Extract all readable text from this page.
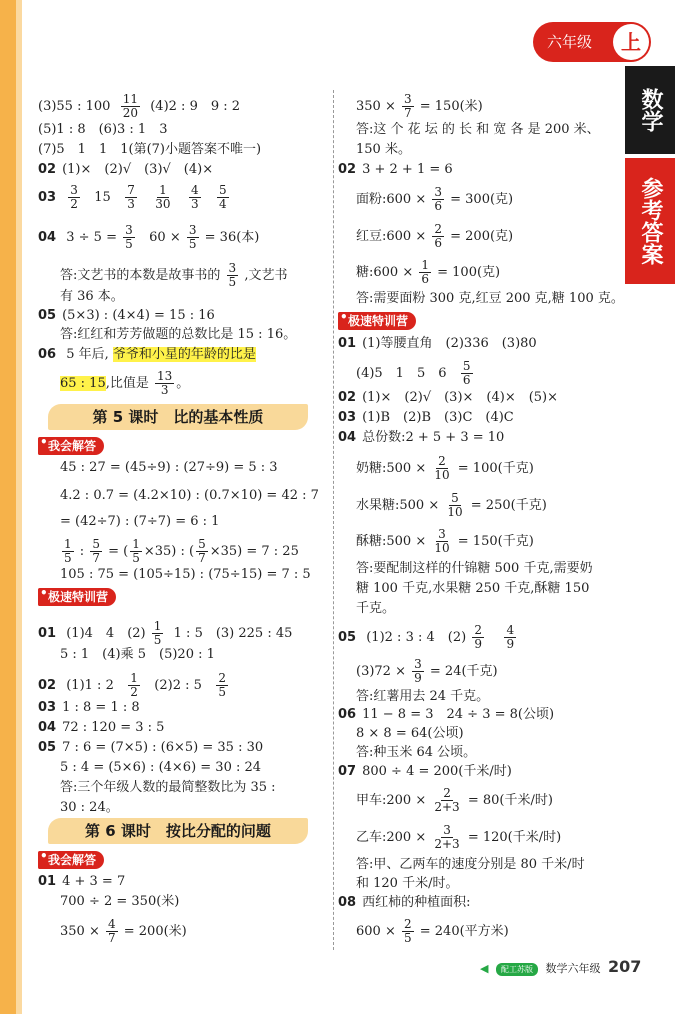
六年级	上
数学
参考答案
(3)55 : $100 \frac{11}{20} (4)2$ : 9　9 : 2
(5)1 : 8　(6)3 : 1　3
(7)5　1　1　1(第(7)小题答案不唯一)
02 (1)×　(2)√　(3)√　(4)×
$03 \frac{3}{2} 15 \frac{7}{3}$
$\frac{1}{30}$
$\frac{4}{3}$
$\frac{5}{4}$
04 $3 \div 5 = \frac{3}{5} 60 \times \frac{3}{5} = 36$(本)
答:文艺书的本数是故事书的 $\frac{3}{5}$ ,文艺书
有 36 本。
05 (5×3) : (4×4) = 15 : 16
答:红红和芳芳做题的总数比是 15 : 16。
06 5 年后, 爷爷和小星的年龄的比是
65 : 15,比值是 $\frac{13}{3}$ 。
第 5 课时　比的基本性质
• 我会解答
45 : 27 = (45÷9) : (27÷9) = 5 : 3
4.2 : 0.7 = (4.2×10) : (0.7×10) = 42 : 7
= (42÷7) : (7÷7) = 6 : 1
$\frac{1}{5}$ : $\frac{5}{7}$ = ( $\frac{1}{5} \times 35$) : ( $\frac{5}{7} \times 35) = 7$ : 25
105 : 75 = (105÷15) : (75÷15) = 7 : 5
• 极速特训营
01 (1)4　4　$(2) \frac{1}{5} 1$ : 5　(3) 225 : 45
5 : 1　(4)乘 5　(5)20 : 1
02 (1)1 : $2 \frac{1}{2} (2)2$ : $5 \frac{2}{5}$
03 1 : 8 = 1 : 8
04 72 : 120 = 3 : 5
05 7 : 6 = (7×5) : (6×5) = 35 : 30
5 : 4 = (5×6) : (4×6) = 30 : 24
答:三个年级人数的最简整数比为 35 :
30 : 24。
第 6 课时　按比分配的问题
• 我会解答
01 4 + 3 = 7
700 ÷ 2 = 350(米)
$350 \times \frac{4}{7} = 200$(米)
$350 \times \frac{3}{7} = 150$(米)
答:这 个 花 坛 的 长 和 宽 各 是 200 米、
150 米。
02 3 + 2 + 1 = 6
面粉:600 × $\frac{3}{6} = 300$(克)
红豆:600 × $\frac{2}{6} = 200$(克)
糖:600 × $\frac{1}{6} = 100$(克)
答:需要面粉 300 克,红豆 200 克,糖 100 克。
• 极速特训营
01 (1)等腰直角　(2)336　(3)80
(4)5　1　5　$6 \frac{5}{6}$
02 (1)×　(2)√　(3)×　(4)×　(5)×
03 (1)B　(2)B　(3)C　(4)C
04 总份数:2 + 5 + 3 = 10
奶糖:500 × $\frac{2}{10} = 100$(千克)
水果糖:500 × $\frac{5}{10} = 250$(千克)
酥糖:500 × $\frac{3}{10} = 150$(千克)
答:要配制这样的什锦糖 500 千克,需要奶
糖 100 千克,水果糖 250 千克,酥糖 150
千克。
05 (1)2 : 3 : 4　$(2) \frac{2}{9}$
$\frac{4}{9}$
$(3)72 \times \frac{3}{9} = 24$(千克)
答:红薯用去 24 千克。
06 11 − 8 = 3　24 ÷ 3 = 8(公顷)
8 × 8 = 64(公顷)
答:种玉米 64 公顷。
07 800 ÷ 4 = 200(千米/时)
甲车:200 × $\frac{2}{2+3} = 80$(千米/时)
乙车:200 × $\frac{3}{2+3} = 120$(千米/时)
答:甲、乙两车的速度分别是 80 千米/时
和 120 千米/时。
08 西红柿的种植面积:
$600 \times \frac{2}{5} = 240$(平方米)
◀ 配工苏版 数学六年级 207
